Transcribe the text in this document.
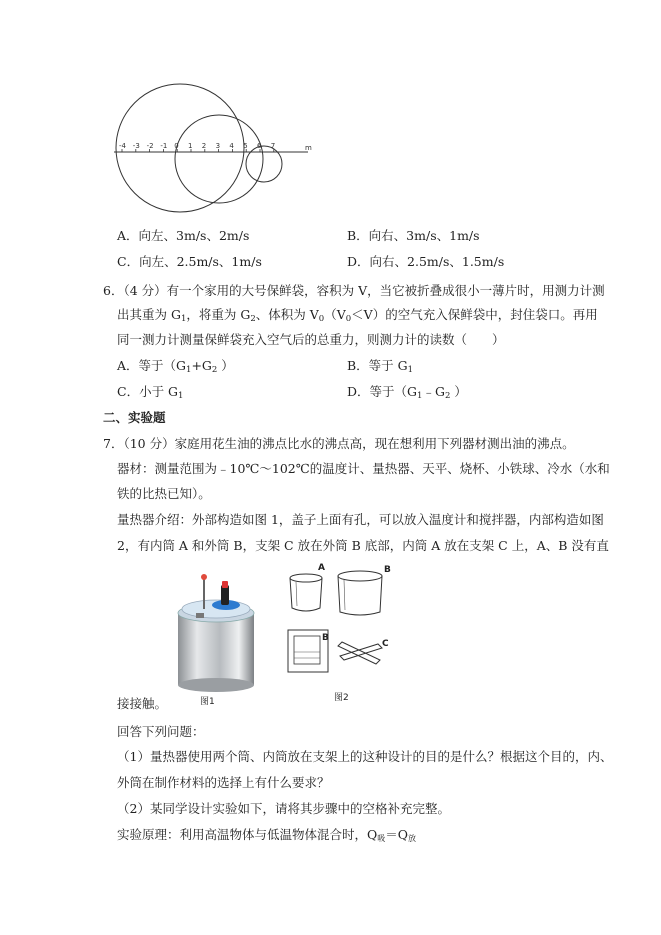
-4 -3 -2 -1 0 1 2 3 4 5 6 7	m
A．向左、3m/s、2m/s	B．向右、3m/s、1m/s
C．向左、2.5m/s、1m/s	D．向右、2.5m/s、1.5m/s
6．（4 分）有一个家用的大号保鲜袋，容积为 V，当它被折叠成很小一薄片时，用测力计测
出其重为 $G_1$，将重为 $G_2$、体积为 $V_0(V_0<V)$的空气充入保鲜袋中，封住袋口。再用
同一测力计测量保鲜袋充入空气后的总重力，则测力计的读数（　　）
A．等于（$G_1+G_2$ ）	B．等于 $G_1$
C．小于 $G_1$	D．等于（$G_1﹣G_2$ ）
二、实验题
7．（10 分）家庭用花生油的沸点比水的沸点高，现在想利用下列器材测出油的沸点。
器材：测量范围为﹣10℃～102℃的温度计、量热器、天平、烧杯、小铁球、冷水（水和
铁的比热已知）。
量热器介绍：外部构造如图 1，盖子上面有孔，可以放入温度计和搅拌器，内部构造如图
2，有内筒 A 和外筒 B，支架 C 放在外筒 B 底部，内筒 A 放在支架 C 上，A、B 没有直
A	B
B
C
接接触。	图1	图2
回答下列问题：
（1）量热器使用两个筒、内筒放在支架上的这种设计的目的是什么？根据这个目的，内、
外筒在制作材料的选择上有什么要求？
（2）某同学设计实验如下，请将其步骤中的空格补充完整。
实验原理：利用高温物体与低温物体混合时，$Q_吸=Q_放$
